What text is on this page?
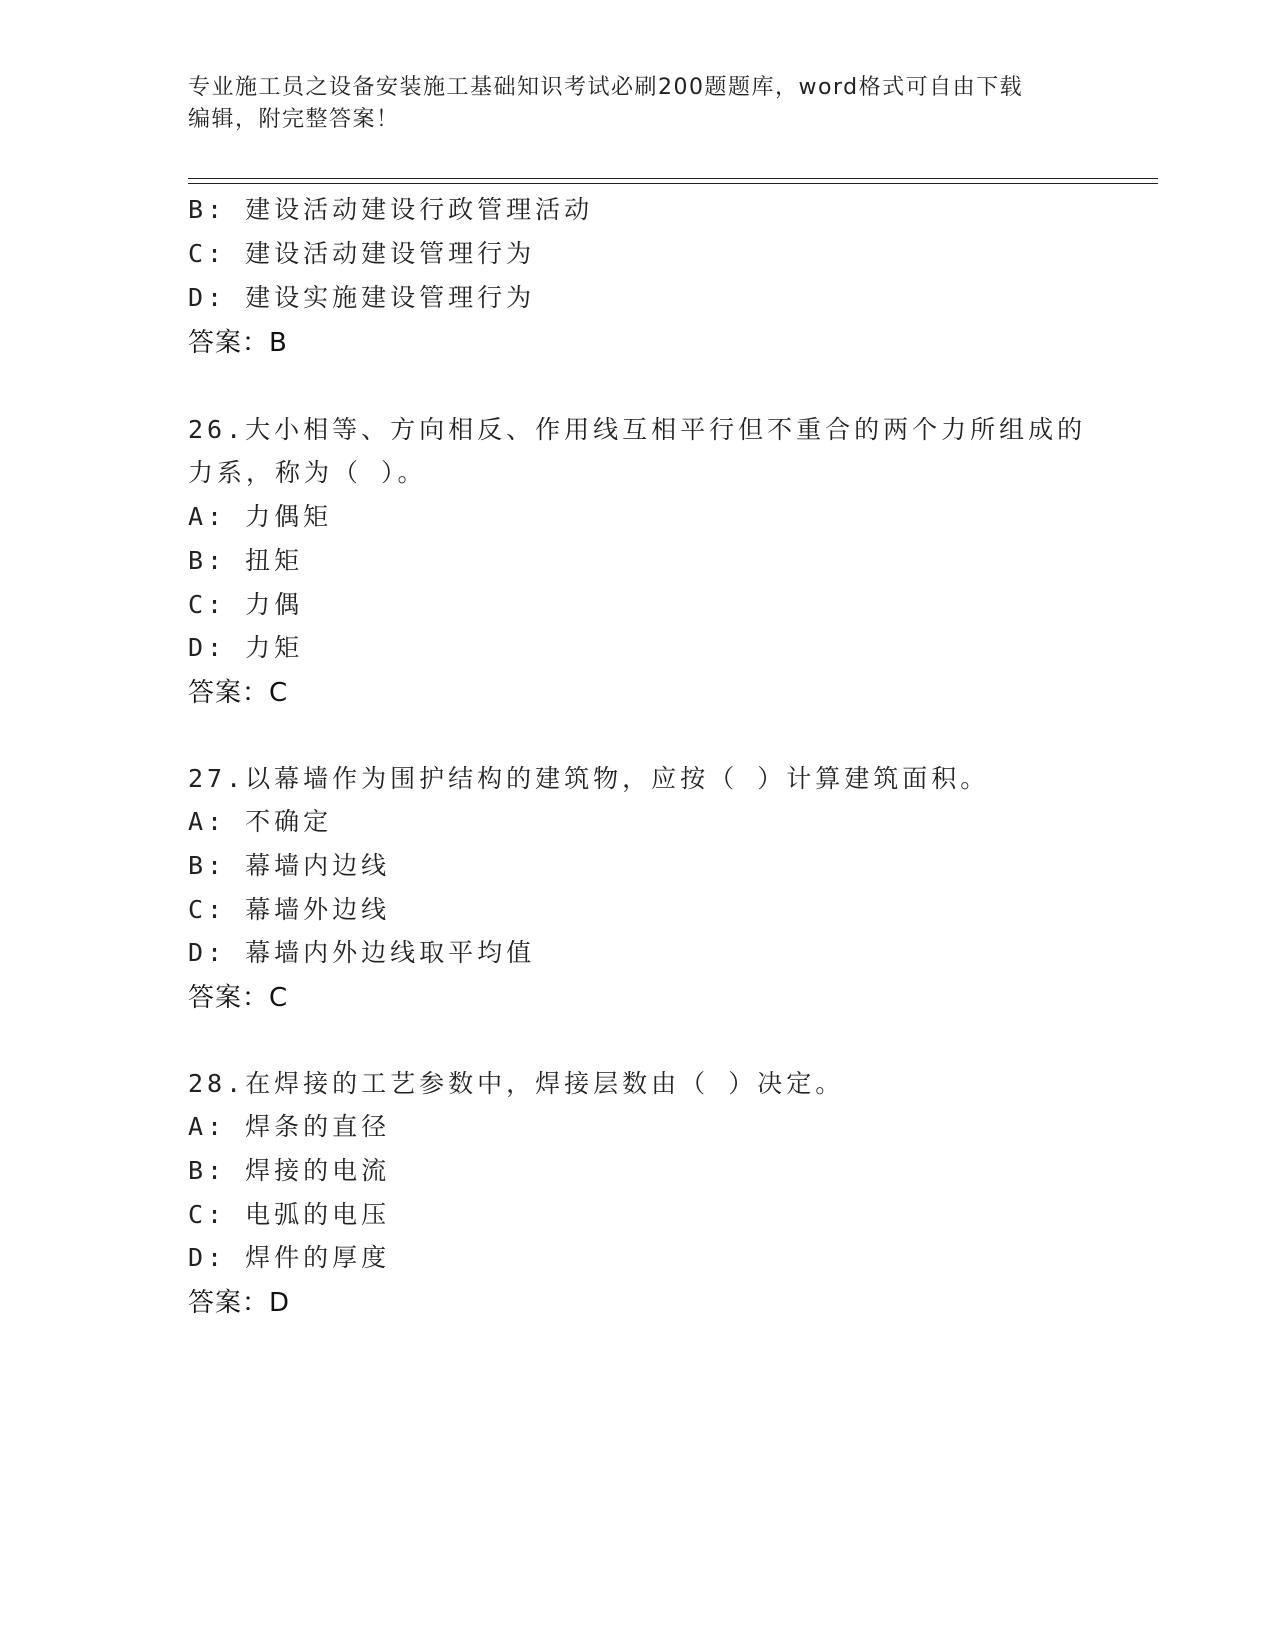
专业施工员之设备安装施工基础知识考试必刷200题题库，word格式可自由下载
编辑，附完整答案！
B: 建设活动建设行政管理活动
C: 建设活动建设管理行为
D: 建设实施建设管理行为
答案：B
26.大小相等、方向相反、作用线互相平行但不重合的两个力所组成的
力系，称为（ ）。
A: 力偶矩
B: 扭矩
C: 力偶
D: 力矩
答案：C
27.以幕墙作为围护结构的建筑物，应按（ ）计算建筑面积。
A: 不确定
B: 幕墙内边线
C: 幕墙外边线
D: 幕墙内外边线取平均值
答案：C
28.在焊接的工艺参数中，焊接层数由（ ）决定。
A: 焊条的直径
B: 焊接的电流
C: 电弧的电压
D: 焊件的厚度
答案：D
